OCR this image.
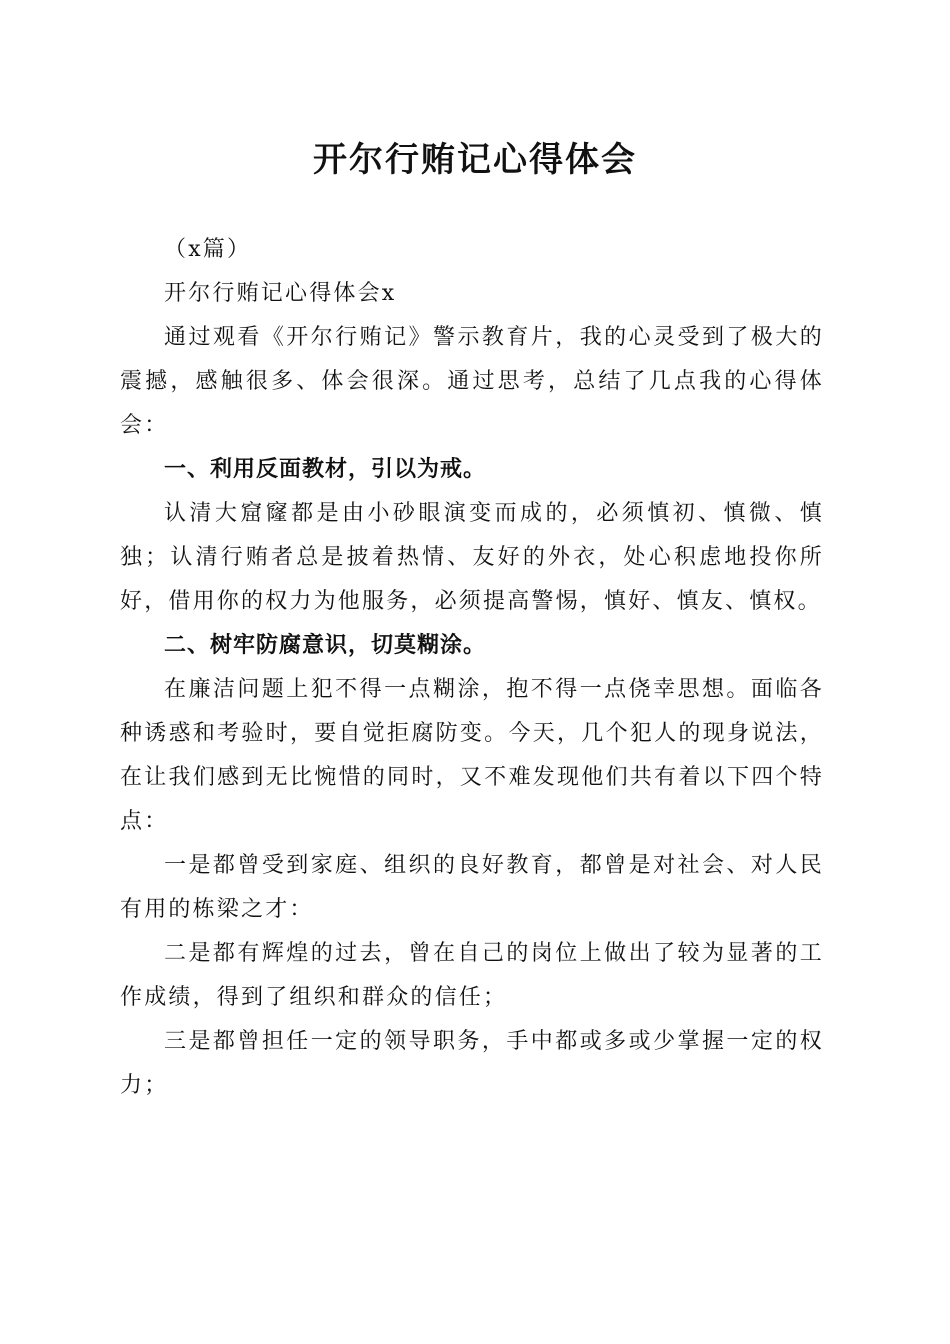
开尔行贿记心得体会

（x篇）

开尔行贿记心得体会x

通过观看《开尔行贿记》警示教育片，我的心灵受到了极大的震撼，感触很多、体会很深。通过思考，总结了几点我的心得体会：

一、利用反面教材，引以为戒。

认清大窟窿都是由小砂眼演变而成的，必须慎初、慎微、慎独；认清行贿者总是披着热情、友好的外衣，处心积虑地投你所好，借用你的权力为他服务，必须提高警惕，慎好、慎友、慎权。

二、树牢防腐意识，切莫糊涂。

在廉洁问题上犯不得一点糊涂，抱不得一点侥幸思想。面临各种诱惑和考验时，要自觉拒腐防变。今天，几个犯人的现身说法，在让我们感到无比惋惜的同时，又不难发现他们共有着以下四个特点：

一是都曾受到家庭、组织的良好教育，都曾是对社会、对人民有用的栋梁之才：

二是都有辉煌的过去，曾在自己的岗位上做出了较为显著的工作成绩，得到了组织和群众的信任；

三是都曾担任一定的领导职务，手中都或多或少掌握一定的权力；
